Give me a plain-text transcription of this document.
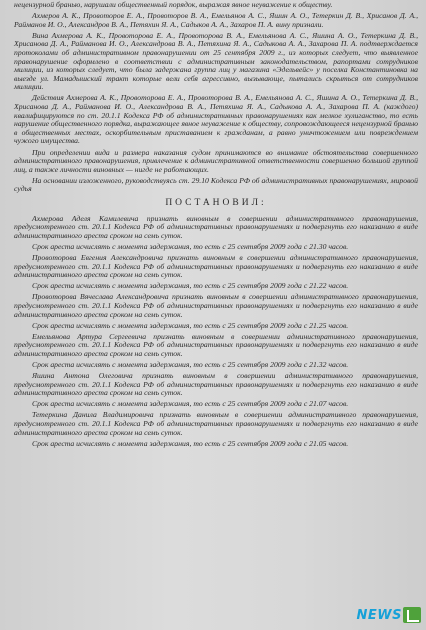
нецензурной бранью, нарушали общественный порядок, выражая явное неуважение к обществу.

Ахмеров А. К., Провоторов Е. А., Провоторов В. А., Емельянов А. С., Яшин А. О., Тетеркин Д. В., Хрисанов Д. А., Райманов И. О., Александров В. А., Петяхин Я. А., Садыков А. А., Захаров П. А. вину признали.

Вина Ахмерова А. К., Провоторова Е. А., Провоторова В. А., Емельянова А. С., Яшина А. О., Тетеркина Д. В., Хрисанова Д. А., Райманова И. О., Александрова В. А., Петяхина Я. А., Садыкова А. А., Захарова П. А. подтверждается протоколами об административном правонарушении от 25 сентября 2009 г., из которых следует, что выявленное правонарушение оформлено в соответствии с административным законодательством, рапортами сотрудников милиции, из которых следует, что была задержана группа лиц у магазина «Эдельвейс» у поселка Константиновка на выезде ул. Мамадышский тракт которые вели себя агрессивно, вызывающе, пытались скрыться от сотрудников милиции.

Действия Ахмерова А. К., Провоторова Е. А., Провоторова В. А., Емельянова А. С., Яшина А. О., Тетеркина Д. В., Хрисанова Д. А., Райманова И. О., Александрова В. А., Петяхина Я. А., Садыкова А. А., Захарова П. А. (каждого) квалифицируются по ст. 20.1.1 Кодекса РФ об административных правонарушениях как мелкое хулиганство, то есть нарушение общественного порядка, выражающее явное неуважение к обществу, сопровождающееся нецензурной бранью в общественных местах, оскорбительным приставанием к гражданам, а равно уничтожением или повреждением чужого имущества.

При определении вида и размера наказания судом принимаются во внимание обстоятельства совершенного административного правонарушения, привлечение к административной ответственности совершенно большой группой лиц, а также личности виновных — нигде не работающих.

На основании изложенного, руководствуясь ст. 29.10 Кодекса РФ об административных правонарушениях, мировой судья

ПОСТАНОВИЛ:

Ахмерова Аделя Камилевича признать виновным в совершении административного правонарушения, предусмотренного ст. 20.1.1 Кодекса РФ об административных правонарушениях и подвергнуть его наказанию в виде административного ареста сроком на семь суток.

Срок ареста исчислять с момента задержания, то есть с 25 сентября 2009 года с 21.30 часов.

Провоторова Евгения Александровича признать виновным в совершении административного правонарушения, предусмотренного ст. 20.1.1 Кодекса РФ об административных правонарушениях и подвергнуть его наказанию в виде административного ареста сроком на семь суток.

Срок ареста исчислять с момента задержания, то есть с 25 сентября 2009 года с 21.22 часов.

Провоторова Вячеслава Александровича признать виновным в совершении административного правонарушения, предусмотренного ст. 20.1.1 Кодекса РФ об административных правонарушениях и подвергнуть его наказанию в виде административного ареста сроком на семь суток.

Срок ареста исчислять с момента задержания, то есть с 25 сентября 2009 года с 21.25 часов.

Емельянова Артура Сергеевича признать виновным в совершении административного правонарушения, предусмотренного ст. 20.1.1 Кодекса РФ об административных правонарушениях и подвергнуть его наказанию в виде административного ареста сроком на семь суток.

Срок ареста исчислять с момента задержания, то есть с 25 сентября 2009 года с 21.32 часов.

Яшина Антона Олеговича признать виновным в совершении административного правонарушения, предусмотренного ст. 20.1.1 Кодекса РФ об административных правонарушениях и подвергнуть его наказанию в виде административного ареста сроком на семь суток.

Срок ареста исчислять с момента задержания, то есть с 25 сентября 2009 года с 21.07 часов.

Тетеркина Данила Владимировича признать виновным в совершении административного правонарушения, предусмотренного ст. 20.1.1 Кодекса РФ об административных правонарушениях и подвергнуть его наказанию в виде административного ареста сроком на семь суток.

Срок ареста исчислять с момента задержания, то есть с 25 сентября 2009 года с 21.05 часов.

NEWS
